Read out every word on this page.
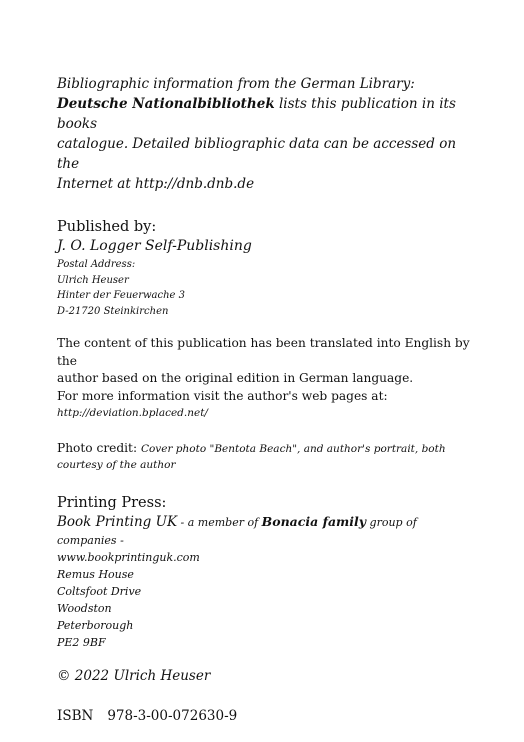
Bibliographic information from the German Library:
Deutsche Nationalbibliothek lists this publication in its books
catalogue. Detailed bibliographic data can be accessed on the
Internet at http://dnb.dnb.de

Published by:

J. O. Logger Self-Publishing

Postal Address:
Ulrich Heuser
Hinter der Feuerwache 3
D-21720 Steinkirchen

The content of this publication has been translated into English by the
author based on the original edition in German language.
For more information visit the author's web pages at:

http://deviation.bplaced.net/
Photo credit: Cover photo "Bentota Beach", and author's portrait, both
courtesy of the author

Printing Press:

Book Printing UK - a member of Bonacia family group of companies -
www.bookprintinguk.com
Remus House
Coltsfoot Drive
Woodston
Peterborough
PE2 9BF

© 2022 Ulrich Heuser

ISBN 978-3-00-072630-9
